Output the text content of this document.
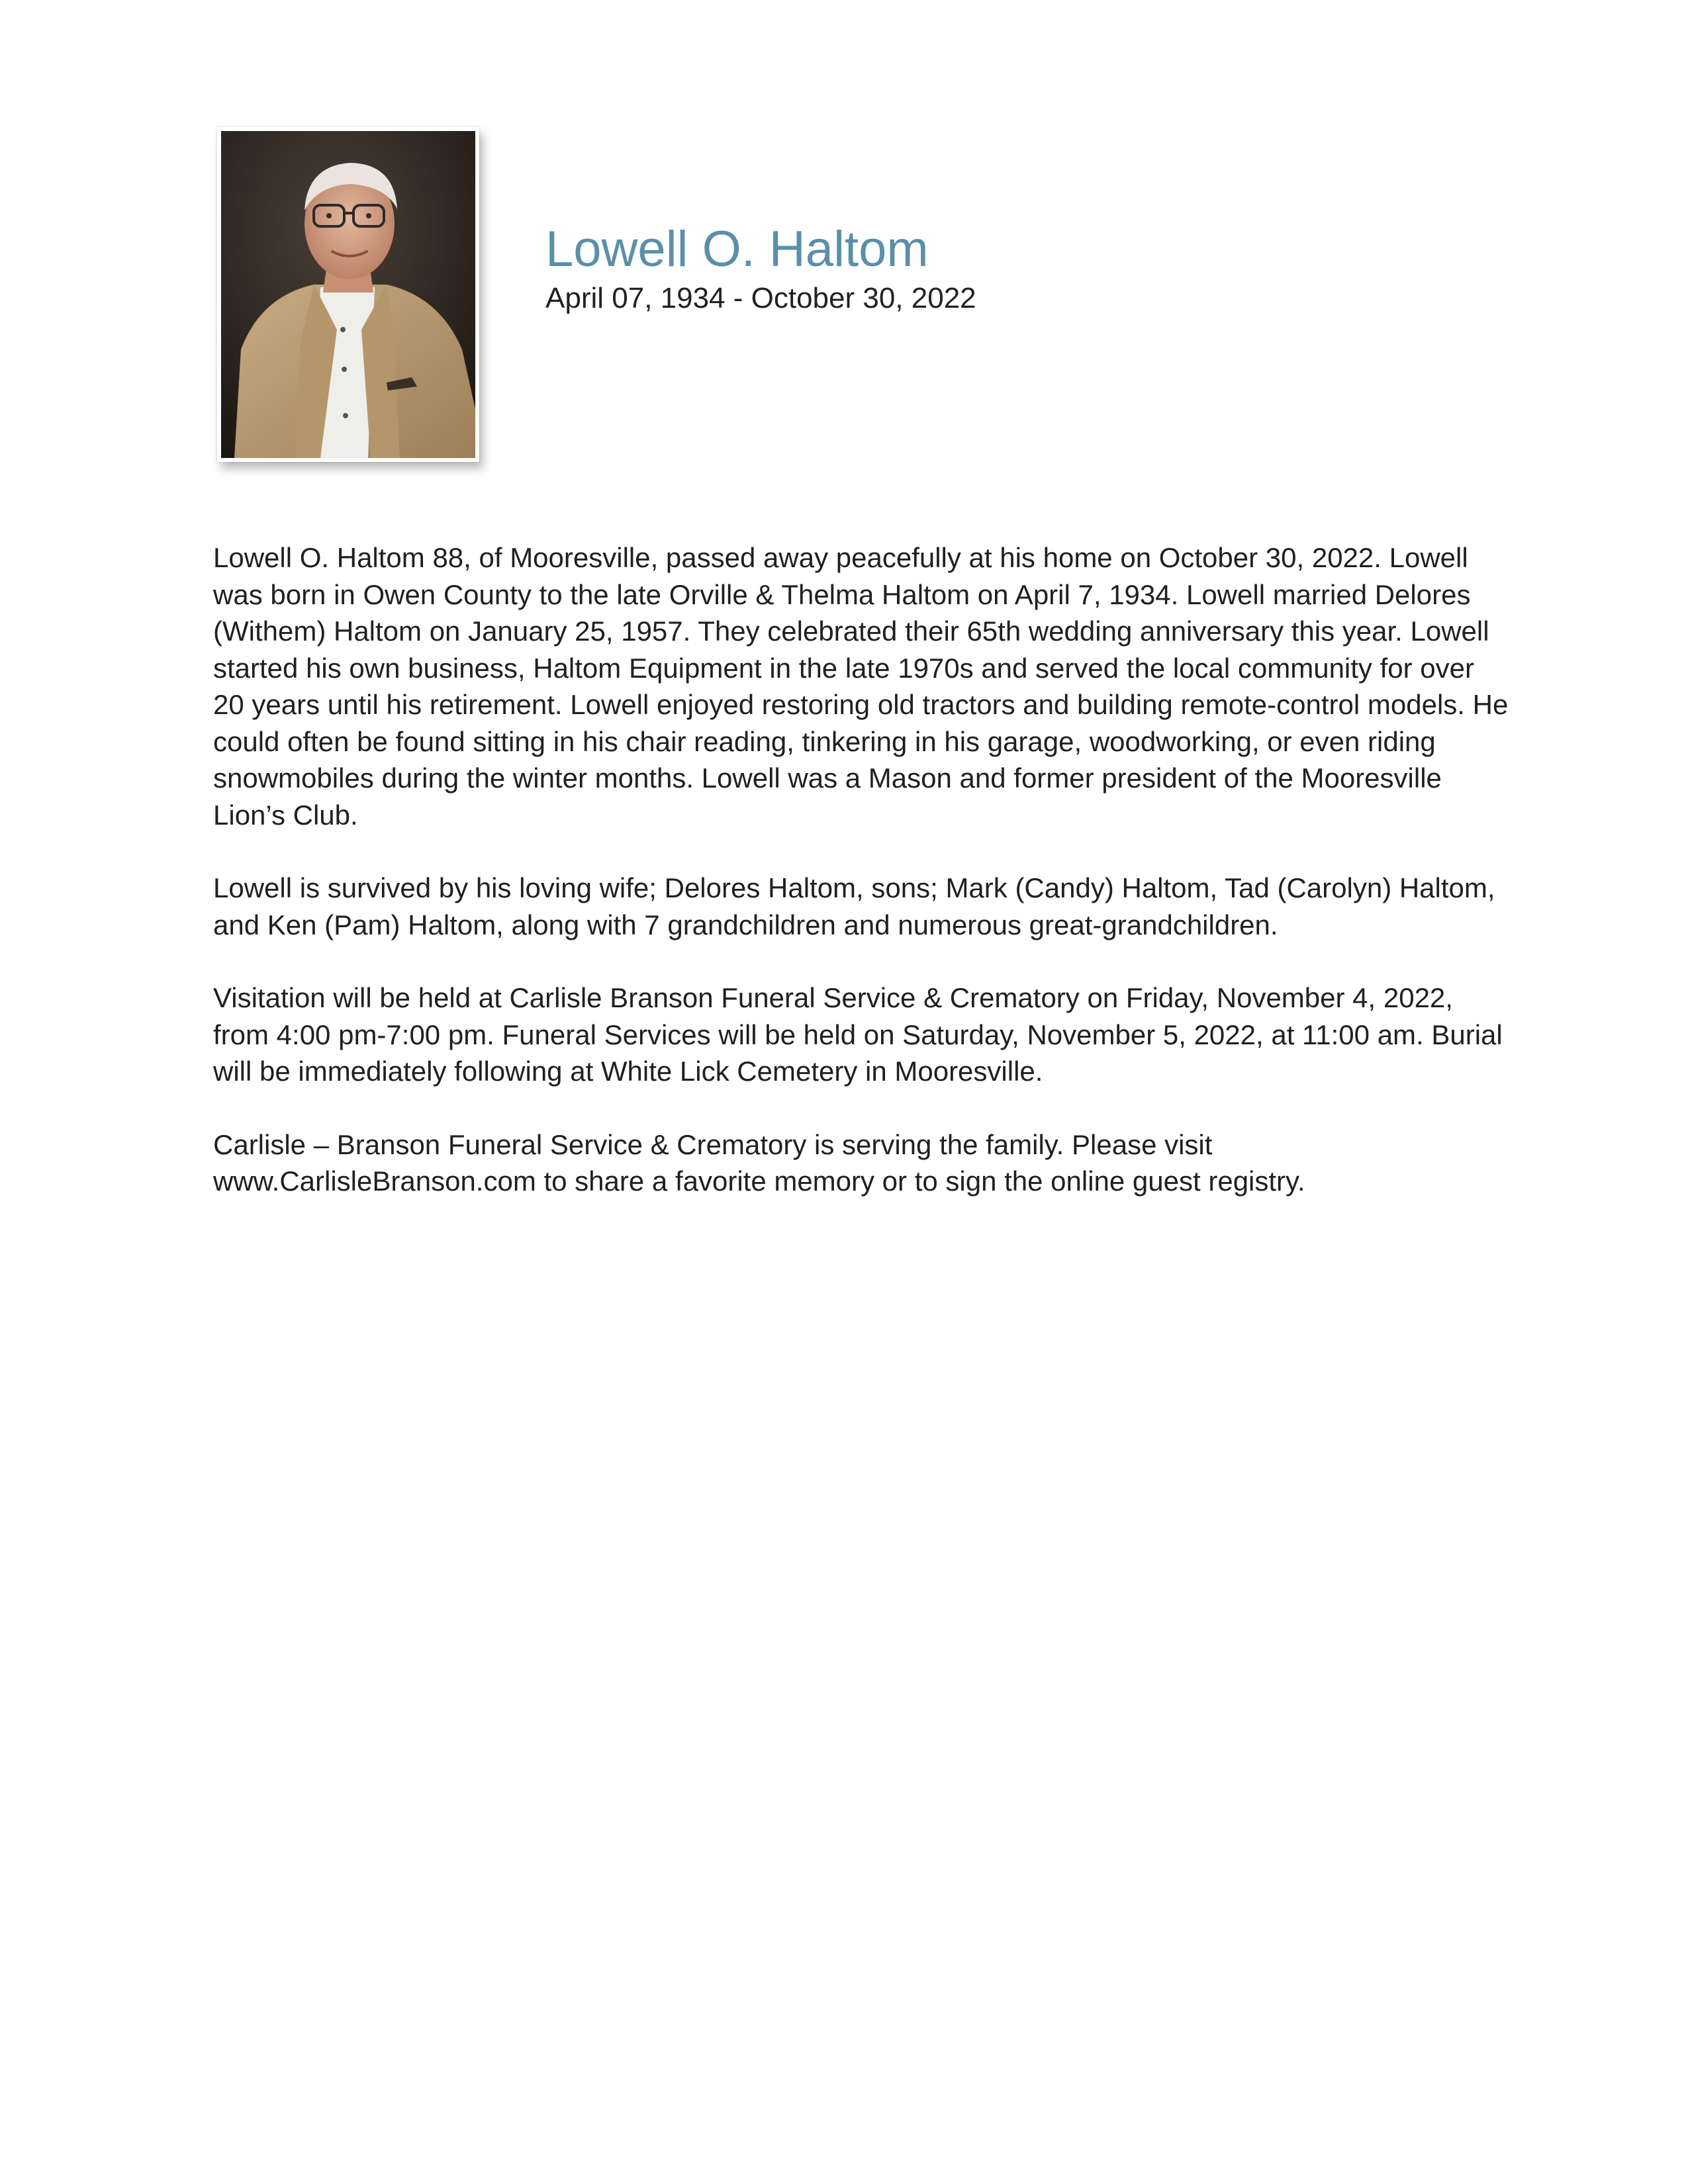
Lowell O. Haltom
April 07, 1934 - October 30, 2022

Lowell O. Haltom 88, of Mooresville, passed away peacefully at his home on October 30, 2022. Lowell was born in Owen County to the late Orville & Thelma Haltom on April 7, 1934. Lowell married Delores (Withem) Haltom on January 25, 1957. They celebrated their 65th wedding anniversary this year. Lowell started his own business, Haltom Equipment in the late 1970s and served the local community for over 20 years until his retirement. Lowell enjoyed restoring old tractors and building remote-control models. He could often be found sitting in his chair reading, tinkering in his garage, woodworking, or even riding snowmobiles during the winter months. Lowell was a Mason and former president of the Mooresville Lion’s Club.

Lowell is survived by his loving wife; Delores Haltom, sons; Mark (Candy) Haltom, Tad (Carolyn) Haltom, and Ken (Pam) Haltom, along with 7 grandchildren and numerous great-grandchildren.

Visitation will be held at Carlisle Branson Funeral Service & Crematory on Friday, November 4, 2022, from 4:00 pm-7:00 pm. Funeral Services will be held on Saturday, November 5, 2022, at 11:00 am. Burial will be immediately following at White Lick Cemetery in Mooresville.

Carlisle – Branson Funeral Service & Crematory is serving the family. Please visit www.CarlisleBranson.com to share a favorite memory or to sign the online guest registry.
